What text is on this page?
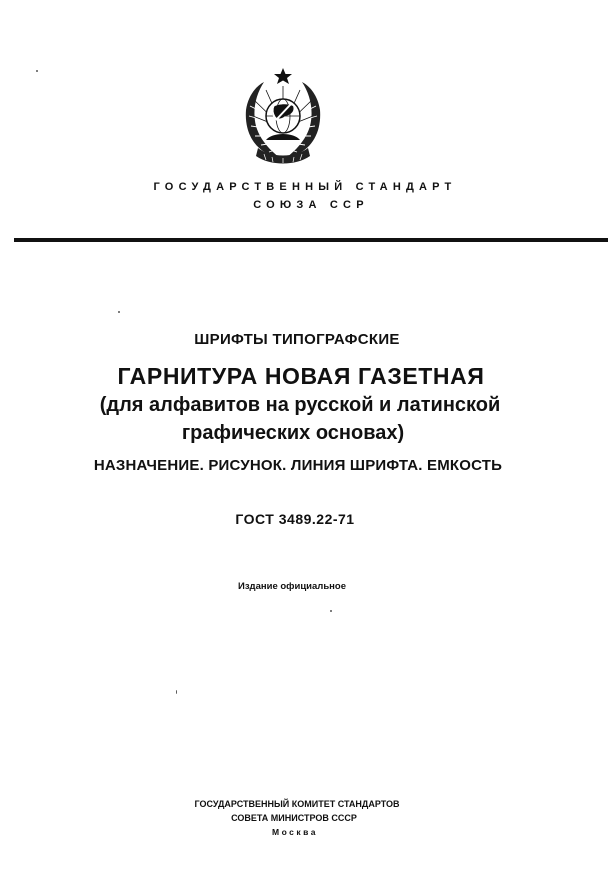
ГОСУДАРСТВЕННЫЙ СТАНДАРТ
СОЮЗА ССР
ШРИФТЫ ТИПОГРАФСКИЕ
ГАРНИТУРА НОВАЯ ГАЗЕТНАЯ
(для алфавитов на русской и латинской
графических основах)
НАЗНАЧЕНИЕ. РИСУНОК. ЛИНИЯ ШРИФТА. ЕМКОСТЬ
ГОСТ 3489.22-71
Издание официальное
ГОСУДАРСТВЕННЫЙ КОМИТЕТ СТАНДАРТОВ
СОВЕТА МИНИСТРОВ СССР
Москва
